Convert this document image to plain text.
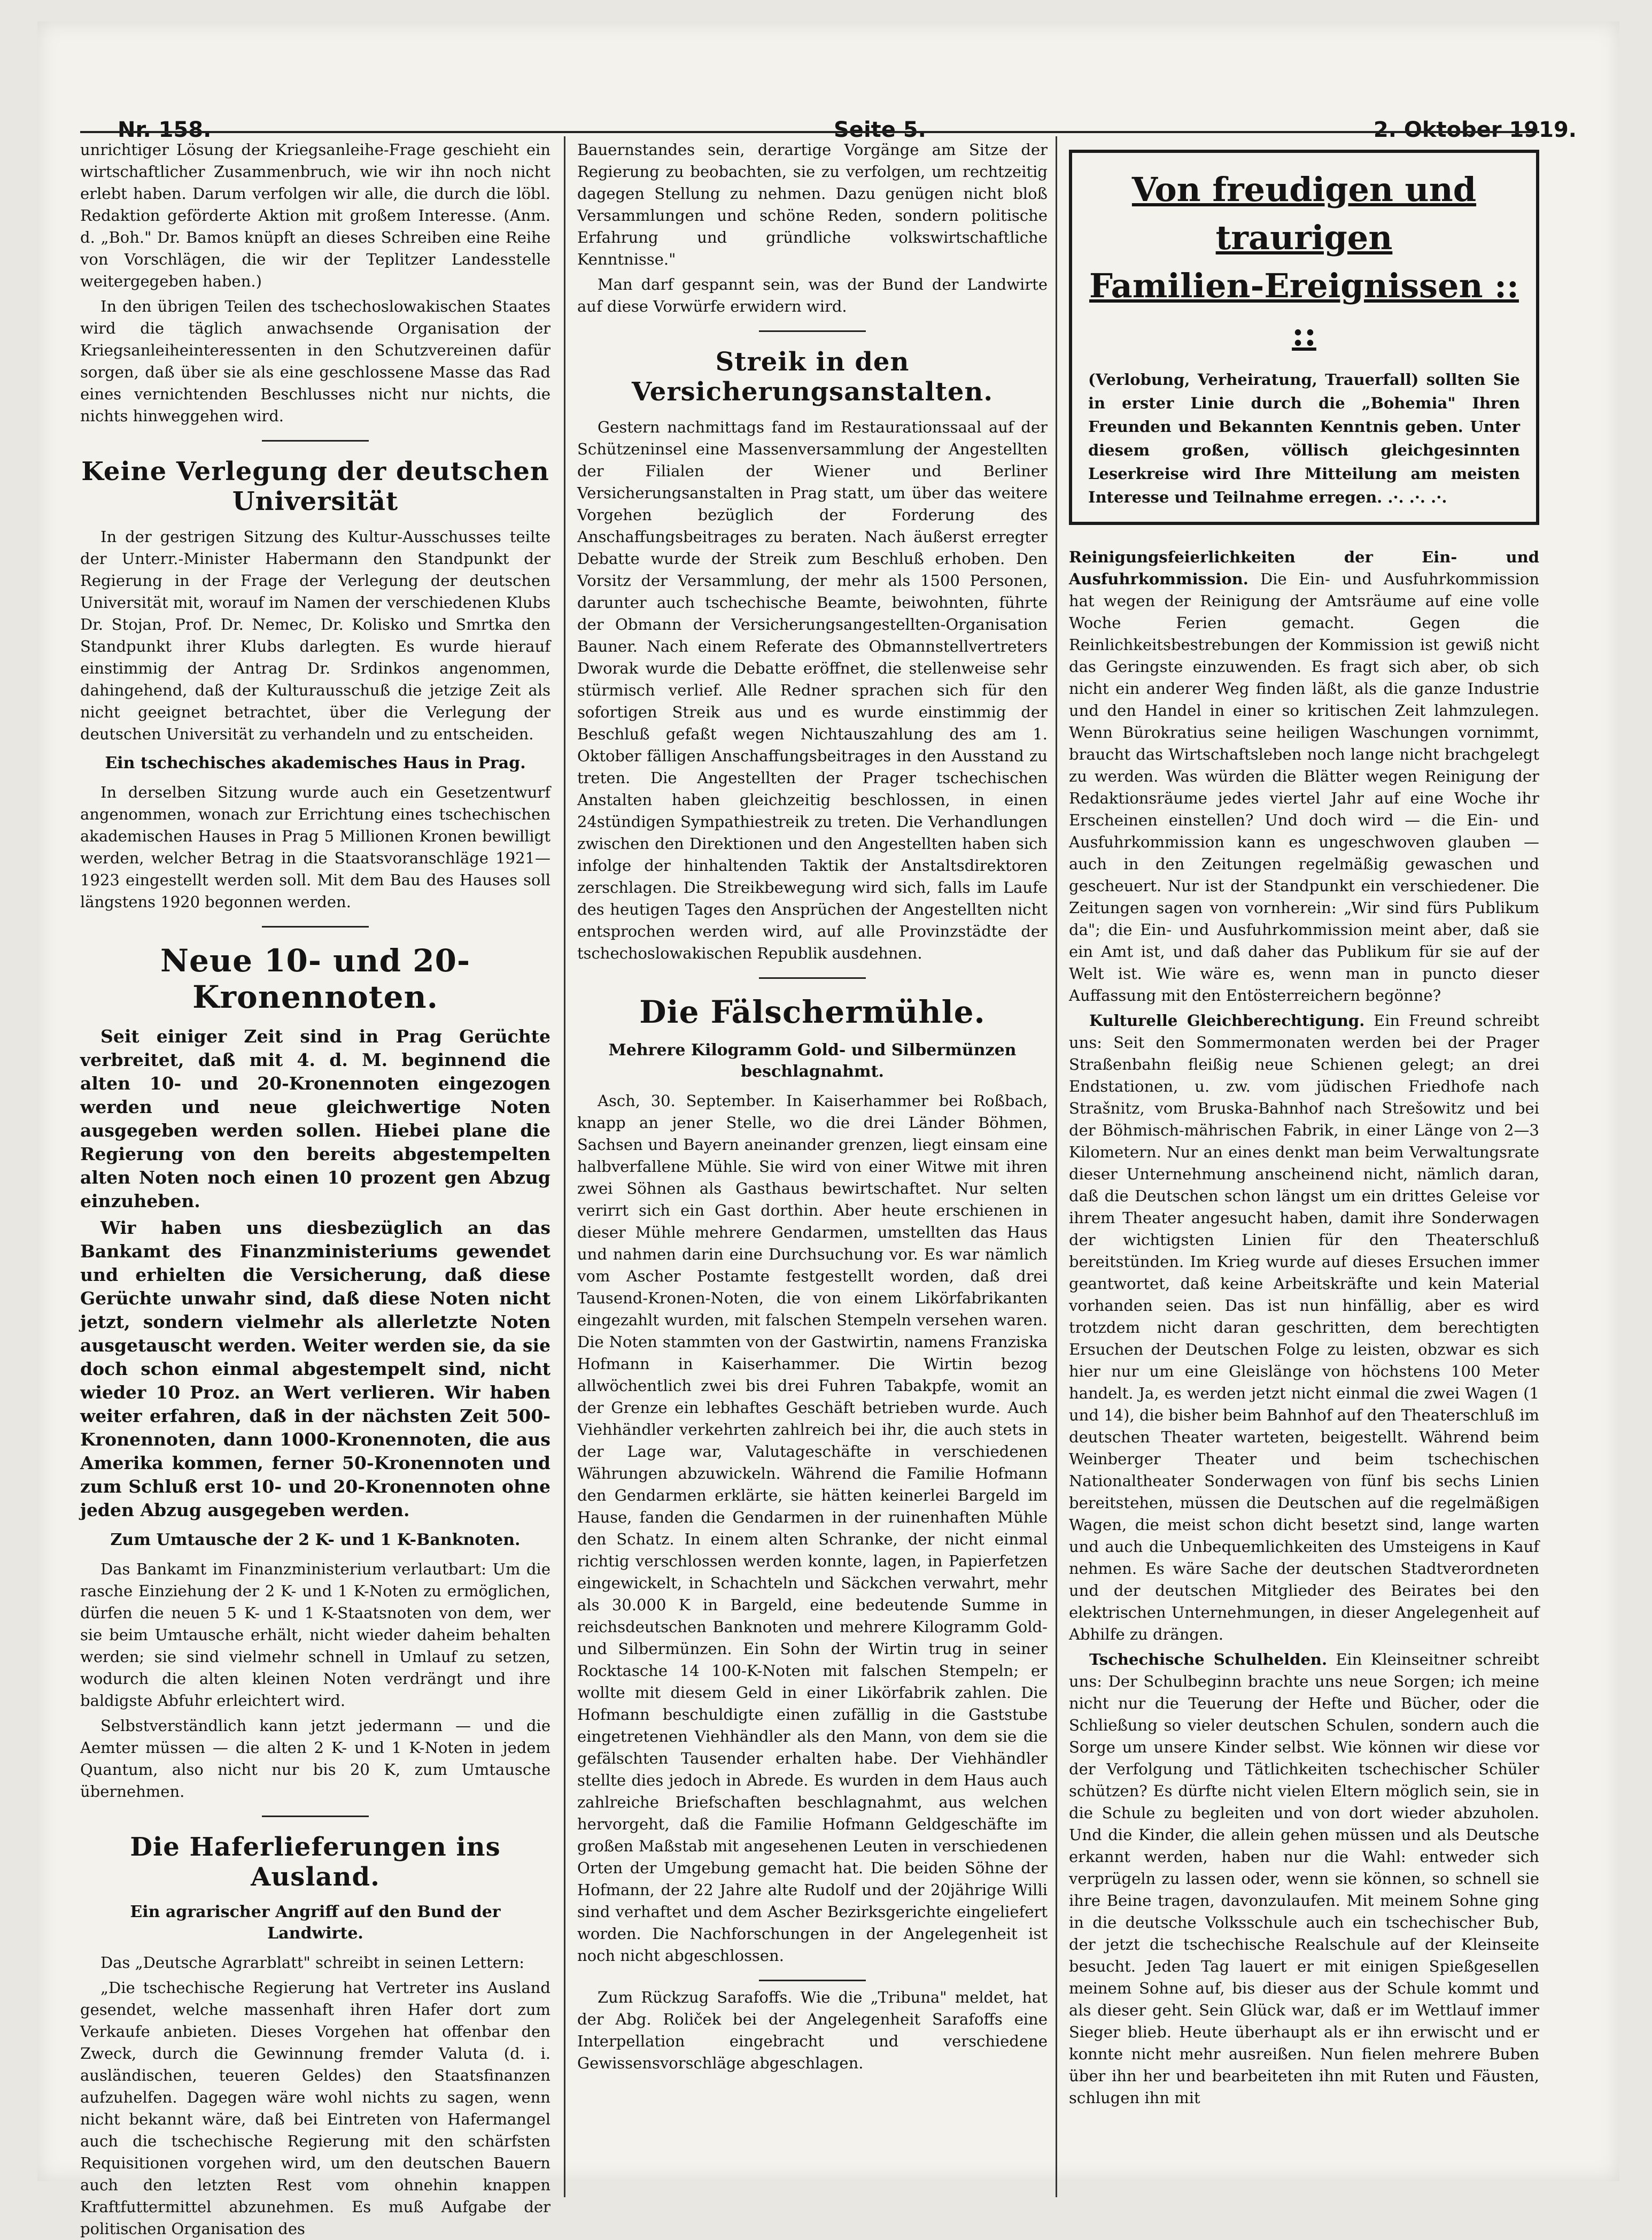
Nr. 158.	Seite 5.	2. Oktober 1919.

unrichtiger Lösung der Kriegsanleihe-Frage geschieht ein wirtschaftlicher Zusammenbruch, wie wir ihn noch nicht erlebt haben. Darum verfolgen wir alle, die durch die löbl. Redaktion geförderte Aktion mit großem Interesse. (Anm. d. „Boh." Dr. Bamos knüpft an dieses Schreiben eine Reihe von Vorschlägen, die wir der Teplitzer Landesstelle weitergegeben haben.)

In den übrigen Teilen des tschechoslowakischen Staates wird die täglich anwachsende Organisation der Kriegsanleiheinteressenten in den Schutzvereinen dafür sorgen, daß über sie als eine geschlossene Masse das Rad eines vernichtenden Beschlusses nicht nur nichts, die nichts hinweggehen wird.

Keine Verlegung der deutschen Universität

In der gestrigen Sitzung des Kultur-Ausschusses teilte der Unterr.-Minister Habermann den Standpunkt der Regierung in der Frage der Verlegung der deutschen Universität mit, worauf im Namen der verschiedenen Klubs Dr. Stojan, Prof. Dr. Nemec, Dr. Kolisko und Smrtka den Standpunkt ihrer Klubs darlegten. Es wurde hierauf einstimmig der Antrag Dr. Srdinkos angenommen, dahingehend, daß der Kulturausschuß die jetzige Zeit als nicht geeignet betrachtet, über die Verlegung der deutschen Universität zu verhandeln und zu entscheiden.

Ein tschechisches akademisches Haus in Prag.

In derselben Sitzung wurde auch ein Gesetzentwurf angenommen, wonach zur Errichtung eines tschechischen akademischen Hauses in Prag 5 Millionen Kronen bewilligt werden, welcher Betrag in die Staatsvoranschläge 1921—1923 eingestellt werden soll. Mit dem Bau des Hauses soll längstens 1920 begonnen werden.

Neue 10- und 20-Kronennoten.

Seit einiger Zeit sind in Prag Gerüchte verbreitet, daß mit 4. d. M. beginnend die alten 10- und 20-Kronennoten eingezogen werden und neue gleichwertige Noten ausgegeben werden sollen. Hiebei plane die Regierung von den bereits abgestempelten alten Noten noch einen 10 prozent gen Abzug einzuheben.

Wir haben uns diesbezüglich an das Bankamt des Finanzministeriums gewendet und erhielten die Versicherung, daß diese Gerüchte unwahr sind, daß diese Noten nicht jetzt, sondern vielmehr als allerletzte Noten ausgetauscht werden. Weiter werden sie, da sie doch schon einmal abgestempelt sind, nicht wieder 10 Proz. an Wert verlieren. Wir haben weiter erfahren, daß in der nächsten Zeit 500-Kronennoten, dann 1000-Kronennoten, die aus Amerika kommen, ferner 50-Kronennoten und zum Schluß erst 10- und 20-Kronennoten ohne jeden Abzug ausgegeben werden.

Zum Umtausche der 2 K- und 1 K-Banknoten.

Das Bankamt im Finanzministerium verlautbart: Um die rasche Einziehung der 2 K- und 1 K-Noten zu ermöglichen, dürfen die neuen 5 K- und 1 K-Staatsnoten von dem, wer sie beim Umtausche erhält, nicht wieder daheim behalten werden; sie sind vielmehr schnell in Umlauf zu setzen, wodurch die alten kleinen Noten verdrängt und ihre baldigste Abfuhr erleichtert wird.

Selbstverständlich kann jetzt jedermann — und die Aemter müssen — die alten 2 K- und 1 K-Noten in jedem Quantum, also nicht nur bis 20 K, zum Umtausche übernehmen.

Die Haferlieferungen ins Ausland.
Ein agrarischer Angriff auf den Bund der Landwirte.

Das „Deutsche Agrarblatt" schreibt in seinen Lettern:

„Die tschechische Regierung hat Vertreter ins Ausland gesendet, welche massenhaft ihren Hafer dort zum Verkaufe anbieten. Dieses Vorgehen hat offenbar den Zweck, durch die Gewinnung fremder Valuta (d. i. ausländischen, teueren Geldes) den Staatsfinanzen aufzuhelfen. Dagegen wäre wohl nichts zu sagen, wenn nicht bekannt wäre, daß bei Eintreten von Hafermangel auch die tschechische Regierung mit den schärfsten Requisitionen vorgehen wird, um den deutschen Bauern auch den letzten Rest vom ohnehin knappen Kraftfuttermittel abzunehmen. Es muß Aufgabe der politischen Organisation des

Bauernstandes sein, derartige Vorgänge am Sitze der Regierung zu beobachten, sie zu verfolgen, um rechtzeitig dagegen Stellung zu nehmen. Dazu genügen nicht bloß Versammlungen und schöne Reden, sondern politische Erfahrung und gründliche volkswirtschaftliche Kenntnisse."

Man darf gespannt sein, was der Bund der Landwirte auf diese Vorwürfe erwidern wird.

Streik in den Versicherungsanstalten.

Gestern nachmittags fand im Restaurationssaal auf der Schützeninsel eine Massenversammlung der Angestellten der Filialen der Wiener und Berliner Versicherungsanstalten in Prag statt, um über das weitere Vorgehen bezüglich der Forderung des Anschaffungsbeitrages zu beraten. Nach äußerst erregter Debatte wurde der Streik zum Beschluß erhoben. Den Vorsitz der Versammlung, der mehr als 1500 Personen, darunter auch tschechische Beamte, beiwohnten, führte der Obmann der Versicherungsangestellten-Organisation Bauner. Nach einem Referate des Obmannstellvertreters Dworak wurde die Debatte eröffnet, die stellenweise sehr stürmisch verlief. Alle Redner sprachen sich für den sofortigen Streik aus und es wurde einstimmig der Beschluß gefaßt wegen Nichtauszahlung des am 1. Oktober fälligen Anschaffungsbeitrages in den Ausstand zu treten. Die Angestellten der Prager tschechischen Anstalten haben gleichzeitig beschlossen, in einen 24stündigen Sympathiestreik zu treten. Die Verhandlungen zwischen den Direktionen und den Angestellten haben sich infolge der hinhaltenden Taktik der Anstaltsdirektoren zerschlagen. Die Streikbewegung wird sich, falls im Laufe des heutigen Tages den Ansprüchen der Angestellten nicht entsprochen werden wird, auf alle Provinzstädte der tschechoslowakischen Republik ausdehnen.

Die Fälschermühle.
Mehrere Kilogramm Gold- und Silbermünzen beschlagnahmt.

Asch, 30. September. In Kaiserhammer bei Roßbach, knapp an jener Stelle, wo die drei Länder Böhmen, Sachsen und Bayern aneinander grenzen, liegt einsam eine halbverfallene Mühle. Sie wird von einer Witwe mit ihren zwei Söhnen als Gasthaus bewirtschaftet. Nur selten verirrt sich ein Gast dorthin. Aber heute erschienen in dieser Mühle mehrere Gendarmen, umstellten das Haus und nahmen darin eine Durchsuchung vor. Es war nämlich vom Ascher Postamte festgestellt worden, daß drei Tausend-Kronen-Noten, die von einem Likörfabrikanten eingezahlt wurden, mit falschen Stempeln versehen waren. Die Noten stammten von der Gastwirtin, namens Franziska Hofmann in Kaiserhammer. Die Wirtin bezog allwöchentlich zwei bis drei Fuhren Tabakpfe, womit an der Grenze ein lebhaftes Geschäft betrieben wurde. Auch Viehhändler verkehrten zahlreich bei ihr, die auch stets in der Lage war, Valutageschäfte in verschiedenen Währungen abzuwickeln. Während die Familie Hofmann den Gendarmen erklärte, sie hätten keinerlei Bargeld im Hause, fanden die Gendarmen in der ruinenhaften Mühle den Schatz. In einem alten Schranke, der nicht einmal richtig verschlossen werden konnte, lagen, in Papierfetzen eingewickelt, in Schachteln und Säckchen verwahrt, mehr als 30.000 K in Bargeld, eine bedeutende Summe in reichsdeutschen Banknoten und mehrere Kilogramm Gold- und Silbermünzen. Ein Sohn der Wirtin trug in seiner Rocktasche 14 100-K-Noten mit falschen Stempeln; er wollte mit diesem Geld in einer Likörfabrik zahlen. Die Hofmann beschuldigte einen zufällig in die Gaststube eingetretenen Viehhändler als den Mann, von dem sie die gefälschten Tausender erhalten habe. Der Viehhändler stellte dies jedoch in Abrede. Es wurden in dem Haus auch zahlreiche Briefschaften beschlagnahmt, aus welchen hervorgeht, daß die Familie Hofmann Geldgeschäfte im großen Maßstab mit angesehenen Leuten in verschiedenen Orten der Umgebung gemacht hat. Die beiden Söhne der Hofmann, der 22 Jahre alte Rudolf und der 20jährige Willi sind verhaftet und dem Ascher Bezirksgerichte eingeliefert worden. Die Nachforschungen in der Angelegenheit ist noch nicht abgeschlossen.

Zum Rückzug Sarafoffs. Wie die „Tribuna" meldet, hat der Abg. Roliček bei der Angelegenheit Sarafoffs eine Interpellation eingebracht und verschiedene Gewissensvorschläge abgeschlagen.

Von freudigen und traurigen
Familien-Ereignissen :: ::
(Verlobung, Verheiratung, Trauerfall) sollten Sie in erster Linie durch die „Bohemia" Ihren Freunden und Bekannten Kenntnis geben. Unter diesem großen, völlisch gleichgesinnten Leserkreise wird Ihre Mitteilung am meisten Interesse und Teilnahme erregen. .·. .·. .·.

Reinigungsfeierlichkeiten der Ein- und Ausfuhrkommission. Die Ein- und Ausfuhrkommission hat wegen der Reinigung der Amtsräume auf eine volle Woche Ferien gemacht. Gegen die Reinlichkeitsbestrebungen der Kommission ist gewiß nicht das Geringste einzuwenden. Es fragt sich aber, ob sich nicht ein anderer Weg finden läßt, als die ganze Industrie und den Handel in einer so kritischen Zeit lahmzulegen. Wenn Bürokratius seine heiligen Waschungen vornimmt, braucht das Wirtschaftsleben noch lange nicht brachgelegt zu werden. Was würden die Blätter wegen Reinigung der Redaktionsräume jedes viertel Jahr auf eine Woche ihr Erscheinen einstellen? Und doch wird — die Ein- und Ausfuhrkommission kann es ungeschwoven glauben — auch in den Zeitungen regelmäßig gewaschen und gescheuert. Nur ist der Standpunkt ein verschiedener. Die Zeitungen sagen von vornherein: „Wir sind fürs Publikum da"; die Ein- und Ausfuhrkommission meint aber, daß sie ein Amt ist, und daß daher das Publikum für sie auf der Welt ist. Wie wäre es, wenn man in puncto dieser Auffassung mit den Entösterreichern begönne?

Kulturelle Gleichberechtigung. Ein Freund schreibt uns: Seit den Sommermonaten werden bei der Prager Straßenbahn fleißig neue Schienen gelegt; an drei Endstationen, u. zw. vom jüdischen Friedhofe nach Strašnitz, vom Bruska-Bahnhof nach Strešowitz und bei der Böhmisch-mährischen Fabrik, in einer Länge von 2—3 Kilometern. Nur an eines denkt man beim Verwaltungsrate dieser Unternehmung anscheinend nicht, nämlich daran, daß die Deutschen schon längst um ein drittes Geleise vor ihrem Theater angesucht haben, damit ihre Sonderwagen der wichtigsten Linien für den Theaterschluß bereitstünden. Im Krieg wurde auf dieses Ersuchen immer geantwortet, daß keine Arbeitskräfte und kein Material vorhanden seien. Das ist nun hinfällig, aber es wird trotzdem nicht daran geschritten, dem berechtigten Ersuchen der Deutschen Folge zu leisten, obzwar es sich hier nur um eine Gleislänge von höchstens 100 Meter handelt. Ja, es werden jetzt nicht einmal die zwei Wagen (1 und 14), die bisher beim Bahnhof auf den Theaterschluß im deutschen Theater warteten, beigestellt. Während beim Weinberger Theater und beim tschechischen Nationaltheater Sonderwagen von fünf bis sechs Linien bereitstehen, müssen die Deutschen auf die regelmäßigen Wagen, die meist schon dicht besetzt sind, lange warten und auch die Unbequemlichkeiten des Umsteigens in Kauf nehmen. Es wäre Sache der deutschen Stadtverordneten und der deutschen Mitglieder des Beirates bei den elektrischen Unternehmungen, in dieser Angelegenheit auf Abhilfe zu drängen.

Tschechische Schulhelden. Ein Kleinseitner schreibt uns: Der Schulbeginn brachte uns neue Sorgen; ich meine nicht nur die Teuerung der Hefte und Bücher, oder die Schließung so vieler deutschen Schulen, sondern auch die Sorge um unsere Kinder selbst. Wie können wir diese vor der Verfolgung und Tätlichkeiten tschechischer Schüler schützen? Es dürfte nicht vielen Eltern möglich sein, sie in die Schule zu begleiten und von dort wieder abzuholen. Und die Kinder, die allein gehen müssen und als Deutsche erkannt werden, haben nur die Wahl: entweder sich verprügeln zu lassen oder, wenn sie können, so schnell sie ihre Beine tragen, davonzulaufen. Mit meinem Sohne ging in die deutsche Volksschule auch ein tschechischer Bub, der jetzt die tschechische Realschule auf der Kleinseite besucht. Jeden Tag lauert er mit einigen Spießgesellen meinem Sohne auf, bis dieser aus der Schule kommt und als dieser geht. Sein Glück war, daß er im Wettlauf immer Sieger blieb. Heute überhaupt als er ihn erwischt und er konnte nicht mehr ausreißen. Nun fielen mehrere Buben über ihn her und bearbeiteten ihn mit Ruten und Fäusten, schlugen ihn mit
